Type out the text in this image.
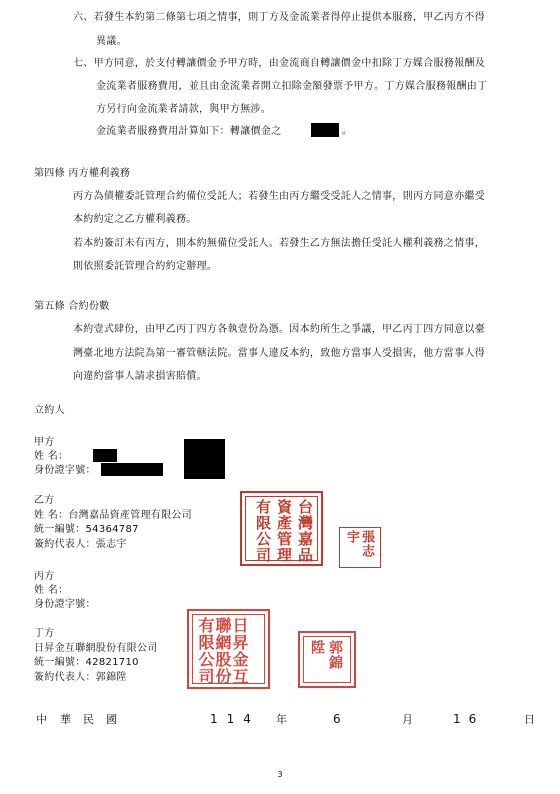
六、若發生本約第二條第七項之情事，則丁方及金流業者得停止提供本服務，甲乙丙方不得
異議。
七、甲方同意，於支付轉讓價金予甲方時，由金流商自轉讓價金中扣除丁方媒合服務報酬及
金流業者服務費用，並且由金流業者開立扣除金額發票予甲方。丁方媒合服務報酬由丁
方另行向金流業者請款，與甲方無涉。
金流業者服務費用計算如下：轉讓價金之	。
第四條 丙方權利義務
丙方為債權委託管理合約備位受託人；若發生由丙方繼受受託人之情事，則丙方同意亦繼受
本約約定之乙方權利義務。
若本約簽訂未有丙方，則本約無備位受託人。若發生乙方無法擔任受託人權利義務之情事，
則依照委託管理合約約定辦理。
第五條 合約份數
本約壹式肆份，由甲乙丙丁四方各執壹份為憑。因本約所生之爭議，甲乙丙丁四方同意以臺
灣臺北地方法院為第一審管轄法院。當事人違反本約，致他方當事人受損害，他方當事人得
向違約當事人請求損害賠償。
立約人
甲方
姓 名：
身份證字號：
乙方
姓 名：台灣嘉品資產管理有限公司
統一編號：54364787
簽約代表人：張志宇	台灣嘉品資產管理有限公司	張志宇
丙方
姓 名：
身份證字號：
丁方
日昇金互聯網股份有限公司
統一編號：42821710
簽約代表人：郭錦陞	日昇金互聯網股份有限公司	郭錦陞
中 華 民 國	114 年	6	月	16	日
3
